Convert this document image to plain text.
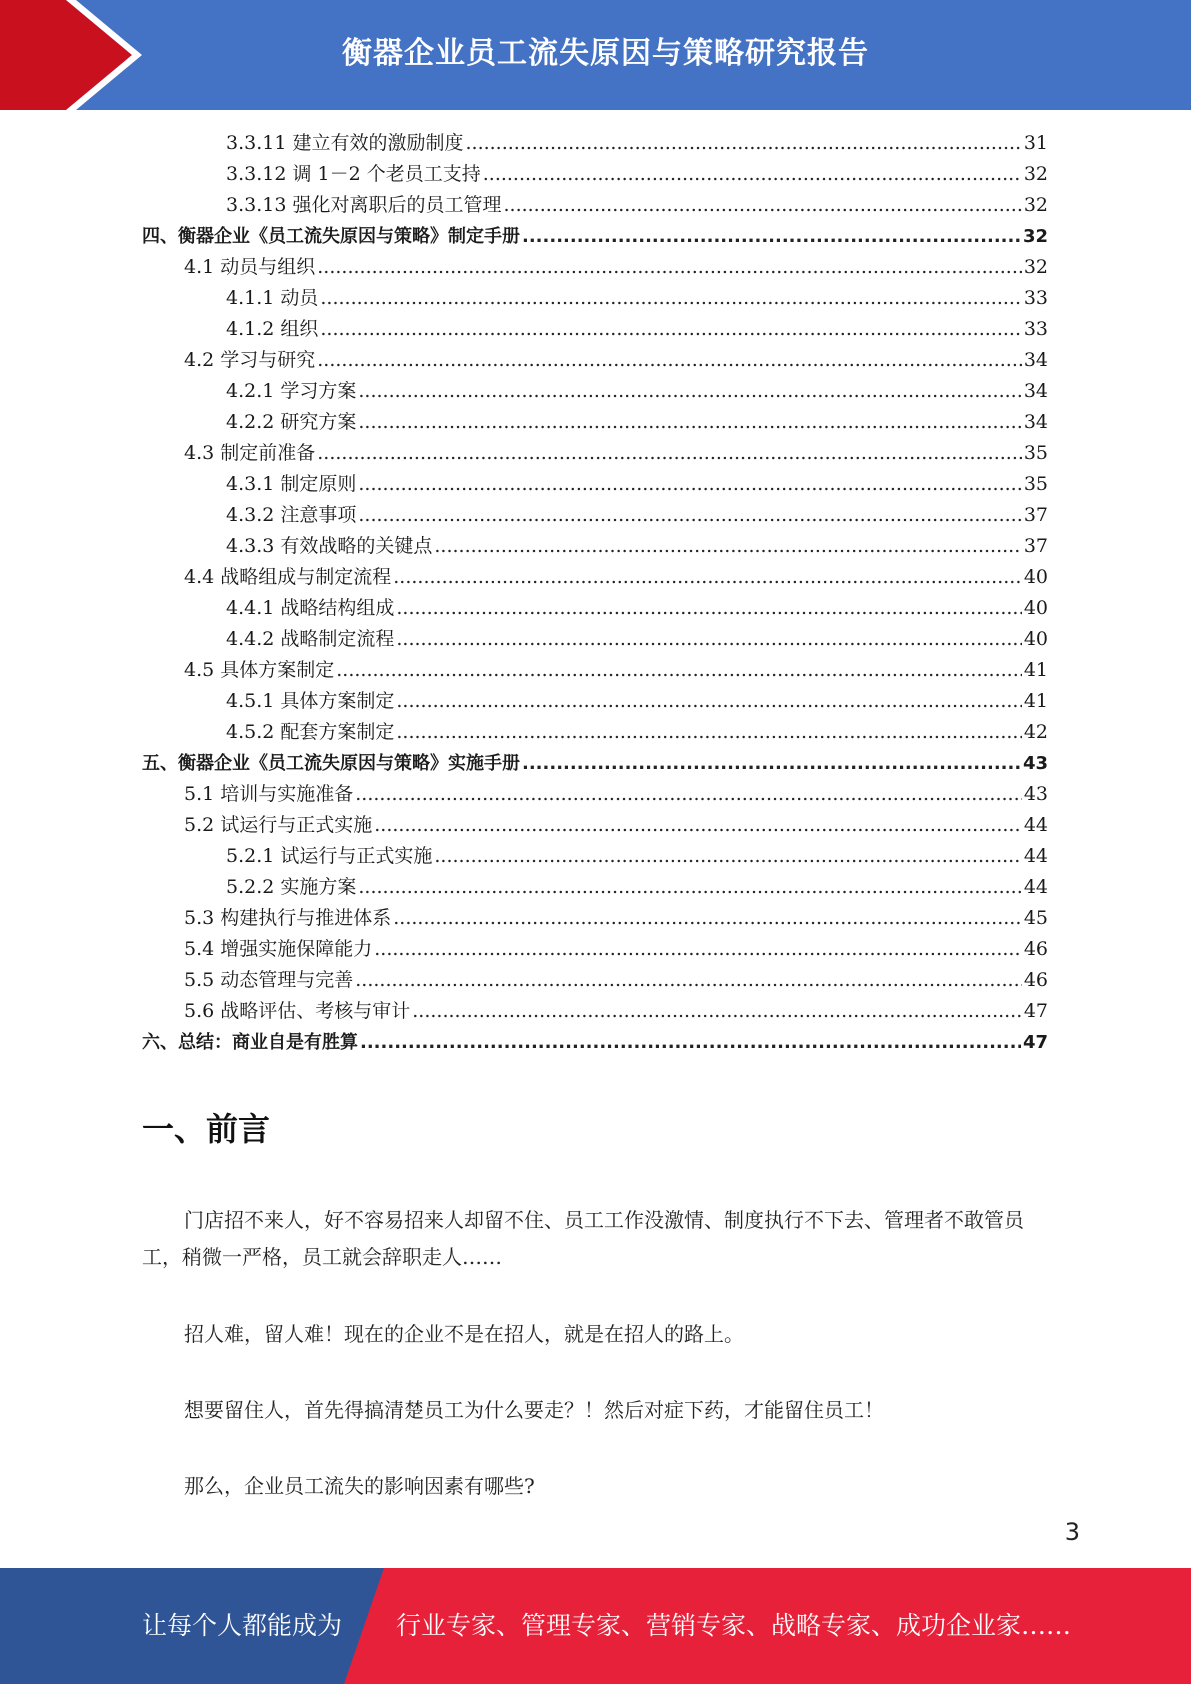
衡器企业员工流失原因与策略研究报告
3.3.11 建立有效的激励制度 .....	31
3.3.12 调 1－2 个老员工支持 .....	32
3.3.13 强化对离职后的员工管理 .....	32
四、衡器企业《员工流失原因与策略》制定手册 .....	32
4.1 动员与组织 .....	32
4.1.1 动员 .....	33
4.1.2 组织 .....	33
4.2 学习与研究 .....	34
4.2.1 学习方案 .....	34
4.2.2 研究方案 .....	34
4.3 制定前准备 .....	35
4.3.1 制定原则 .....	35
4.3.2 注意事项 .....	37
4.3.3 有效战略的关键点 .....	37
4.4 战略组成与制定流程 .....	40
4.4.1 战略结构组成 .....	40
4.4.2 战略制定流程 .....	40
4.5 具体方案制定 .....	41
4.5.1 具体方案制定 .....	41
4.5.2 配套方案制定 .....	42
五、衡器企业《员工流失原因与策略》实施手册 .....	43
5.1 培训与实施准备 .....	43
5.2 试运行与正式实施 .....	44
5.2.1 试运行与正式实施 .....	44
5.2.2 实施方案 .....	44
5.3 构建执行与推进体系 .....	45
5.4 增强实施保障能力 .....	46
5.5 动态管理与完善 .....	46
5.6 战略评估、考核与审计 .....	47
六、总结：商业自是有胜算 .....	47
一、前言
门店招不来人，好不容易招来人却留不住、员工工作没激情、制度执行不下去、管理者不敢管员工，稍微一严格，员工就会辞职走人……
招人难，留人难！现在的企业不是在招人，就是在招人的路上。
想要留住人，首先得搞清楚员工为什么要走？！然后对症下药，才能留住员工！
那么，企业员工流失的影响因素有哪些?
3
让每个人都能成为 行业专家、管理专家、营销专家、战略专家、成功企业家……
